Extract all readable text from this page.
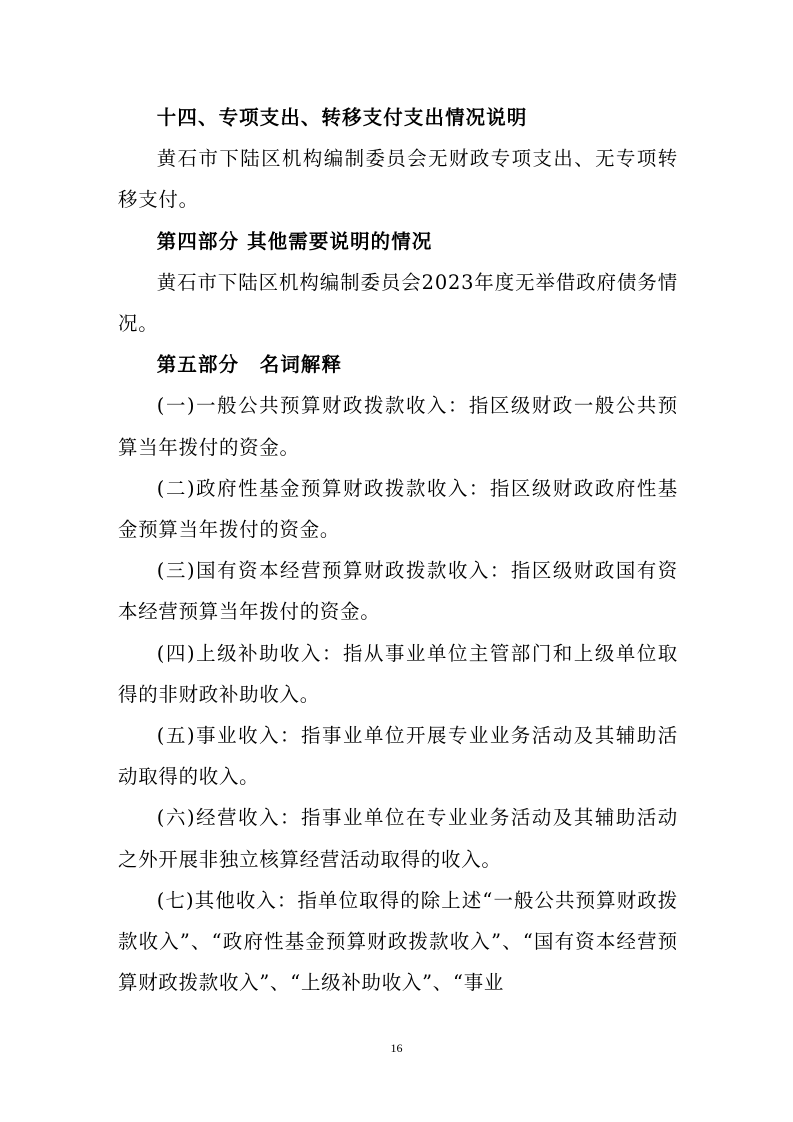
十四、专项支出、转移支付支出情况说明

黄石市下陆区机构编制委员会无财政专项支出、无专项转移支付。

第四部分 其他需要说明的情况

黄石市下陆区机构编制委员会2023年度无举借政府债务情况。

第五部分　名词解释

(一)一般公共预算财政拨款收入：指区级财政一般公共预算当年拨付的资金。

(二)政府性基金预算财政拨款收入：指区级财政政府性基金预算当年拨付的资金。

(三)国有资本经营预算财政拨款收入：指区级财政国有资本经营预算当年拨付的资金。

(四)上级补助收入：指从事业单位主管部门和上级单位取得的非财政补助收入。

(五)事业收入：指事业单位开展专业业务活动及其辅助活动取得的收入。

(六)经营收入：指事业单位在专业业务活动及其辅助活动之外开展非独立核算经营活动取得的收入。

(七)其他收入：指单位取得的除上述“一般公共预算财政拨款收入”、“政府性基金预算财政拨款收入”、“国有资本经营预算财政拨款收入”、“上级补助收入”、“事业

16
